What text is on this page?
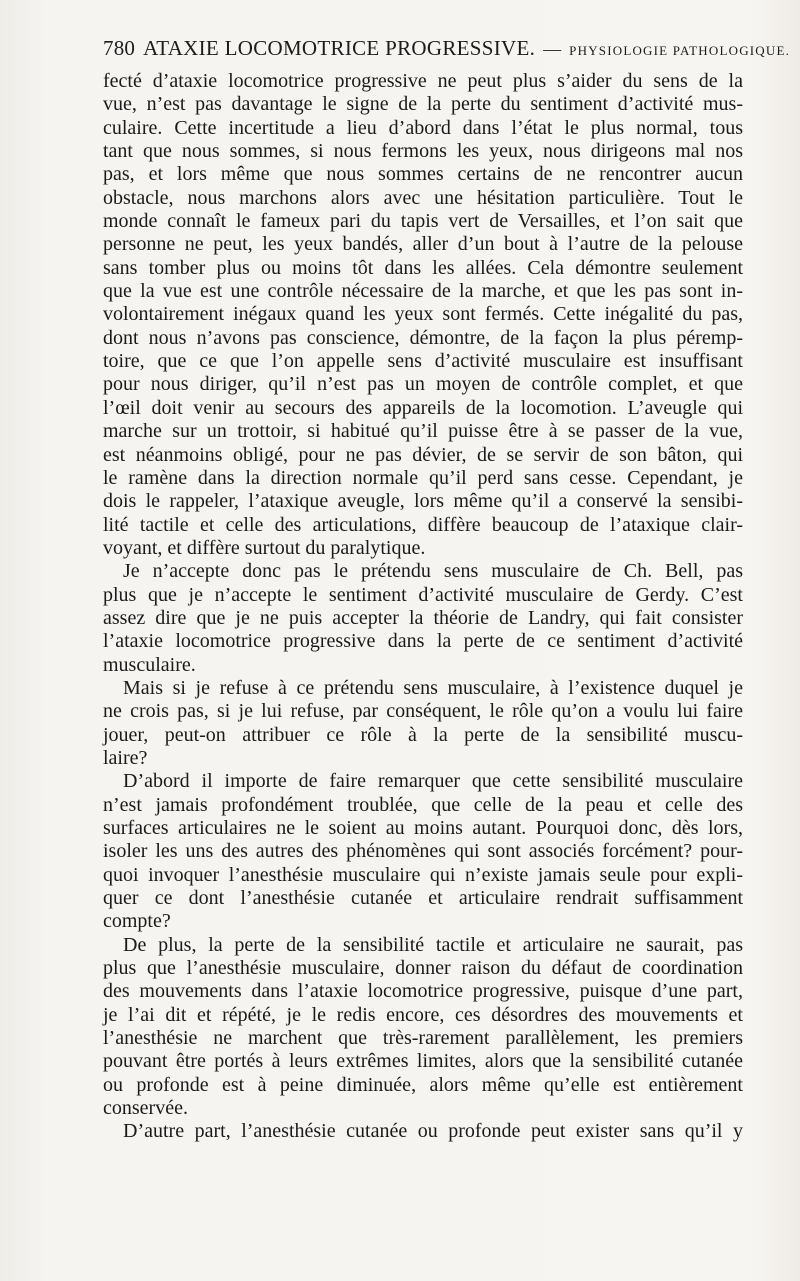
780 ATAXIE LOCOMOTRICE PROGRESSIVE. — PHYSIOLOGIE PATHOLOGIQUE.
fecté d’ataxie locomotrice progressive ne peut plus s’aider du sens de la
vue, n’est pas davantage le signe de la perte du sentiment d’activité mus-
culaire. Cette incertitude a lieu d’abord dans l’état le plus normal, tous
tant que nous sommes, si nous fermons les yeux, nous dirigeons mal nos
pas, et lors même que nous sommes certains de ne rencontrer aucun
obstacle, nous marchons alors avec une hésitation particulière. Tout le
monde connaît le fameux pari du tapis vert de Versailles, et l’on sait que
personne ne peut, les yeux bandés, aller d’un bout à l’autre de la pelouse
sans tomber plus ou moins tôt dans les allées. Cela démontre seulement
que la vue est une contrôle nécessaire de la marche, et que les pas sont in-
volontairement inégaux quand les yeux sont fermés. Cette inégalité du pas,
dont nous n’avons pas conscience, démontre, de la façon la plus péremp-
toire, que ce que l’on appelle sens d’activité musculaire est insuffisant
pour nous diriger, qu’il n’est pas un moyen de contrôle complet, et que
l’œil doit venir au secours des appareils de la locomotion. L’aveugle qui
marche sur un trottoir, si habitué qu’il puisse être à se passer de la vue,
est néanmoins obligé, pour ne pas dévier, de se servir de son bâton, qui
le ramène dans la direction normale qu’il perd sans cesse. Cependant, je
dois le rappeler, l’ataxique aveugle, lors même qu’il a conservé la sensibi-
lité tactile et celle des articulations, diffère beaucoup de l’ataxique clair-
voyant, et diffère surtout du paralytique.
Je n’accepte donc pas le prétendu sens musculaire de Ch. Bell, pas
plus que je n’accepte le sentiment d’activité musculaire de Gerdy. C’est
assez dire que je ne puis accepter la théorie de Landry, qui fait consister
l’ataxie locomotrice progressive dans la perte de ce sentiment d’activité
musculaire.
Mais si je refuse à ce prétendu sens musculaire, à l’existence duquel je
ne crois pas, si je lui refuse, par conséquent, le rôle qu’on a voulu lui faire
jouer, peut-on attribuer ce rôle à la perte de la sensibilité muscu-
laire?
D’abord il importe de faire remarquer que cette sensibilité musculaire
n’est jamais profondément troublée, que celle de la peau et celle des
surfaces articulaires ne le soient au moins autant. Pourquoi donc, dès lors,
isoler les uns des autres des phénomènes qui sont associés forcément? pour-
quoi invoquer l’anesthésie musculaire qui n’existe jamais seule pour expli-
quer ce dont l’anesthésie cutanée et articulaire rendrait suffisamment
compte?
De plus, la perte de la sensibilité tactile et articulaire ne saurait, pas
plus que l’anesthésie musculaire, donner raison du défaut de coordination
des mouvements dans l’ataxie locomotrice progressive, puisque d’une part,
je l’ai dit et répété, je le redis encore, ces désordres des mouvements et
l’anesthésie ne marchent que très-rarement parallèlement, les premiers
pouvant être portés à leurs extrêmes limites, alors que la sensibilité cutanée
ou profonde est à peine diminuée, alors même qu’elle est entièrement
conservée.
D’autre part, l’anesthésie cutanée ou profonde peut exister sans qu’il y
